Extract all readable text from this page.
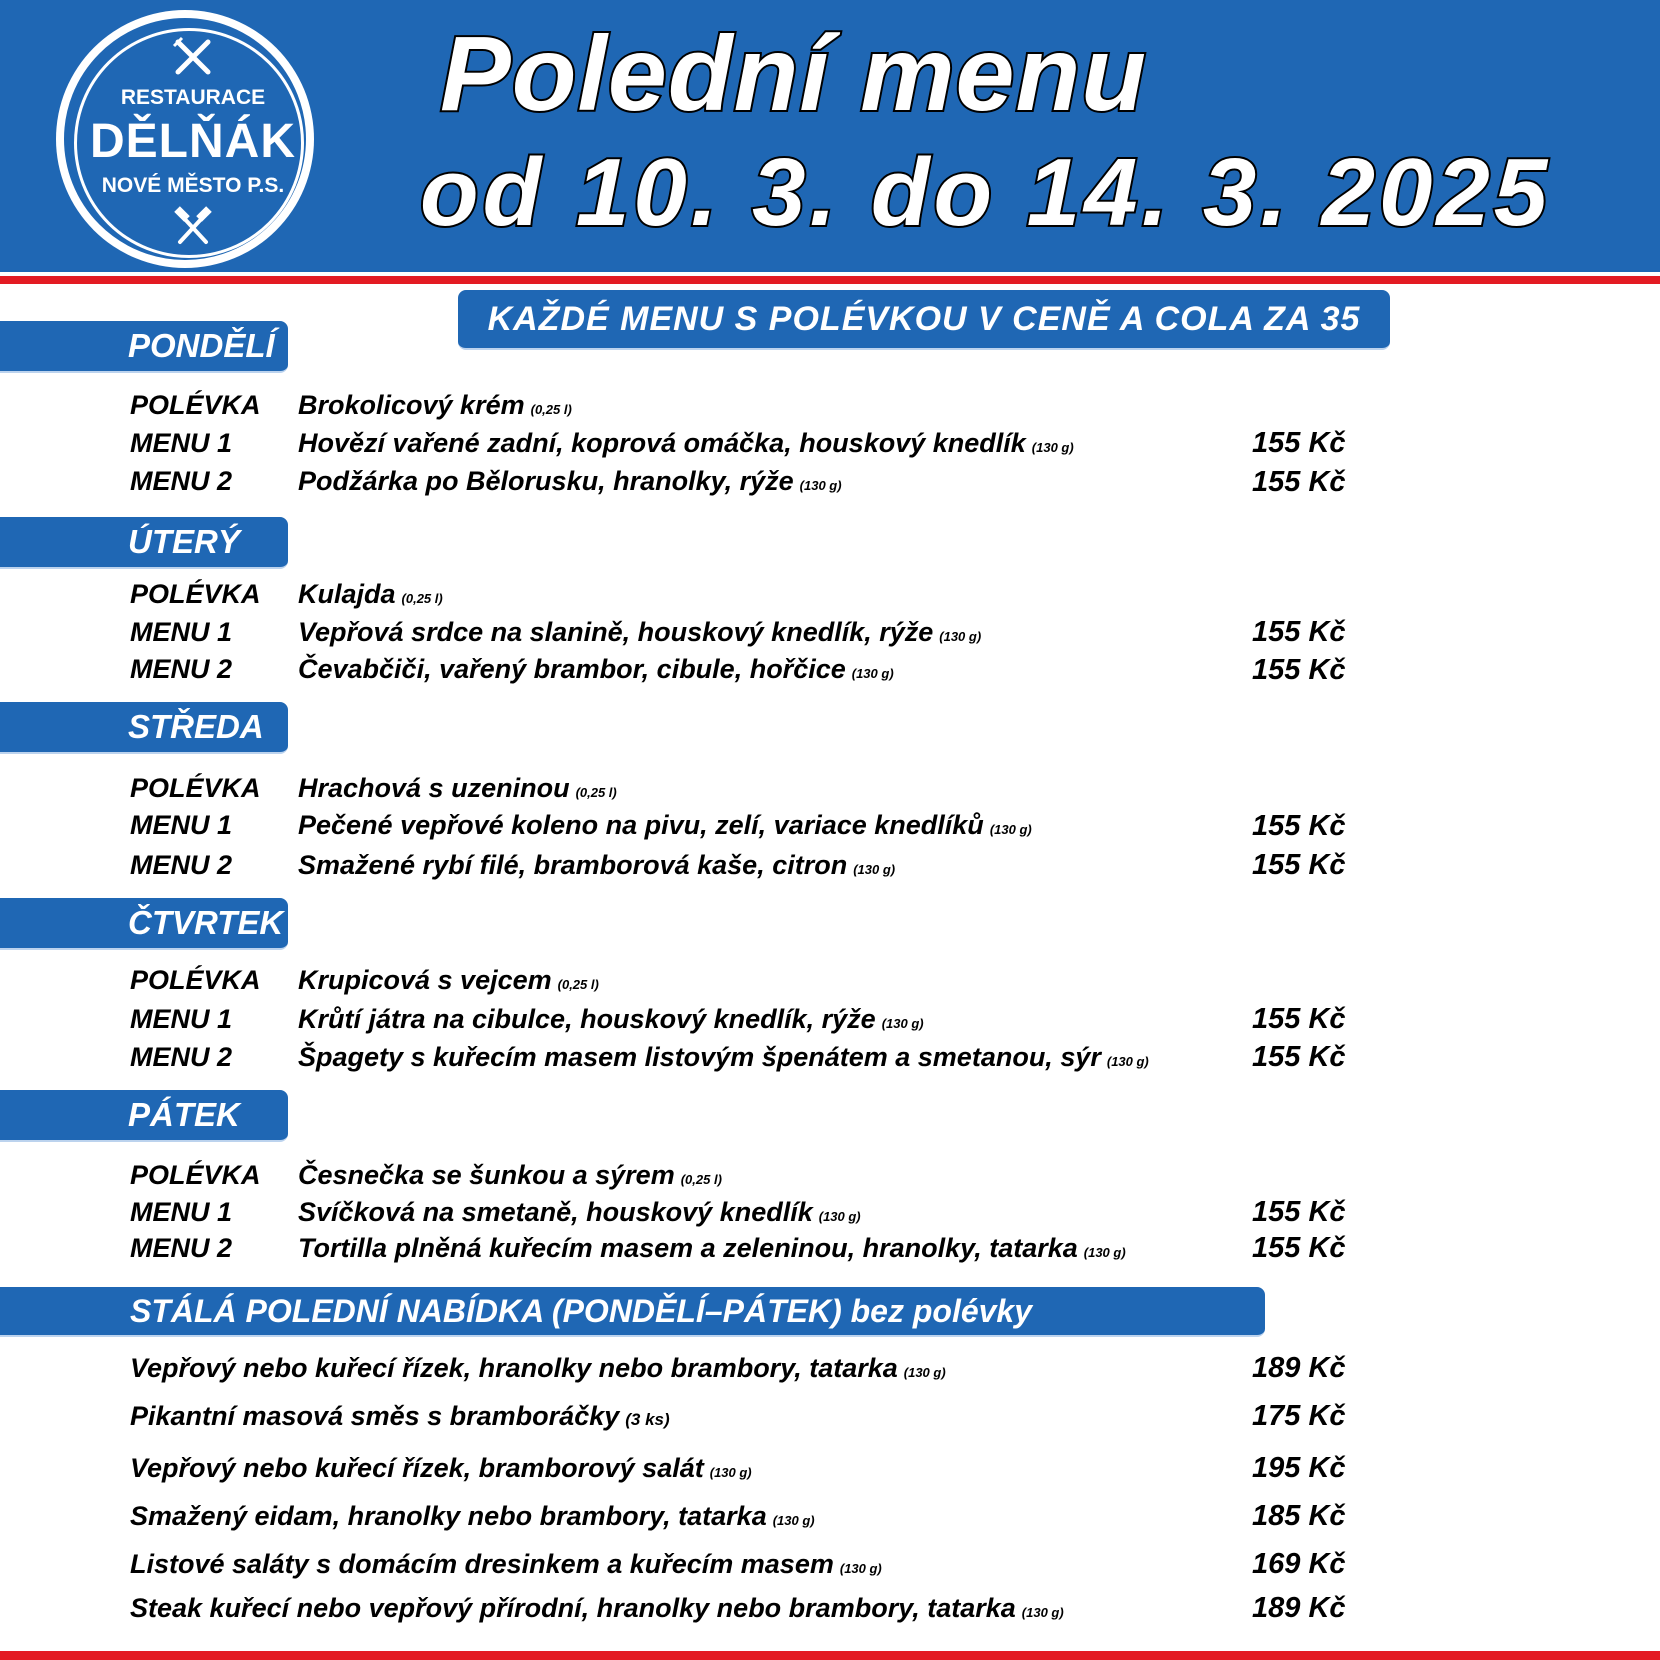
RESTAURACE
DĚLŇÁK
NOVÉ MĚSTO P.S.
Polední menu
od 10. 3. do 14. 3. 2025
KAŽDÉ MENU S POLÉVKOU V CENĚ A COLA ZA 35 KČ
PONDĚLÍ
POLÉVKA Brokolicový krém (0,25 l)
MENU 1 Hovězí vařené zadní, koprová omáčka, houskový knedlík (130 g)	155 Kč
MENU 2 Podžárka po Bělorusku, hranolky, rýže (130 g)	155 Kč
ÚTERÝ
POLÉVKA Kulajda (0,25 l)
MENU 1 Vepřová srdce na slanině, houskový knedlík, rýže (130 g)	155 Kč
MENU 2 Čevabčiči, vařený brambor, cibule, hořčice (130 g)	155 Kč
STŘEDA
POLÉVKA Hrachová s uzeninou (0,25 l)
MENU 1 Pečené vepřové koleno na pivu, zelí, variace knedlíků (130 g)	155 Kč
MENU 2 Smažené rybí filé, bramborová kaše, citron (130 g)	155 Kč
ČTVRTEK
POLÉVKA Krupicová s vejcem (0,25 l)
MENU 1 Krůtí játra na cibulce, houskový knedlík, rýže (130 g)	155 Kč
MENU 2 Špagety s kuřecím masem listovým špenátem a smetanou, sýr (130 g)	155 Kč
PÁTEK
POLÉVKA Česnečka se šunkou a sýrem (0,25 l)
MENU 1 Svíčková na smetaně, houskový knedlík (130 g)	155 Kč
MENU 2 Tortilla plněná kuřecím masem a zeleninou, hranolky, tatarka (130 g)	155 Kč
STÁLÁ POLEDNÍ NABÍDKA (PONDĚLÍ–PÁTEK) bez polévky
Vepřový nebo kuřecí řízek, hranolky nebo brambory, tatarka (130 g)	189 Kč
Pikantní masová směs s bramboráčky (3 ks)	175 Kč
Vepřový nebo kuřecí řízek, bramborový salát (130 g)	195 Kč
Smažený eidam, hranolky nebo brambory, tatarka (130 g)	185 Kč
Listové saláty s domácím dresinkem a kuřecím masem (130 g)	169 Kč
Steak kuřecí nebo vepřový přírodní, hranolky nebo brambory, tatarka (130 g)	189 Kč
